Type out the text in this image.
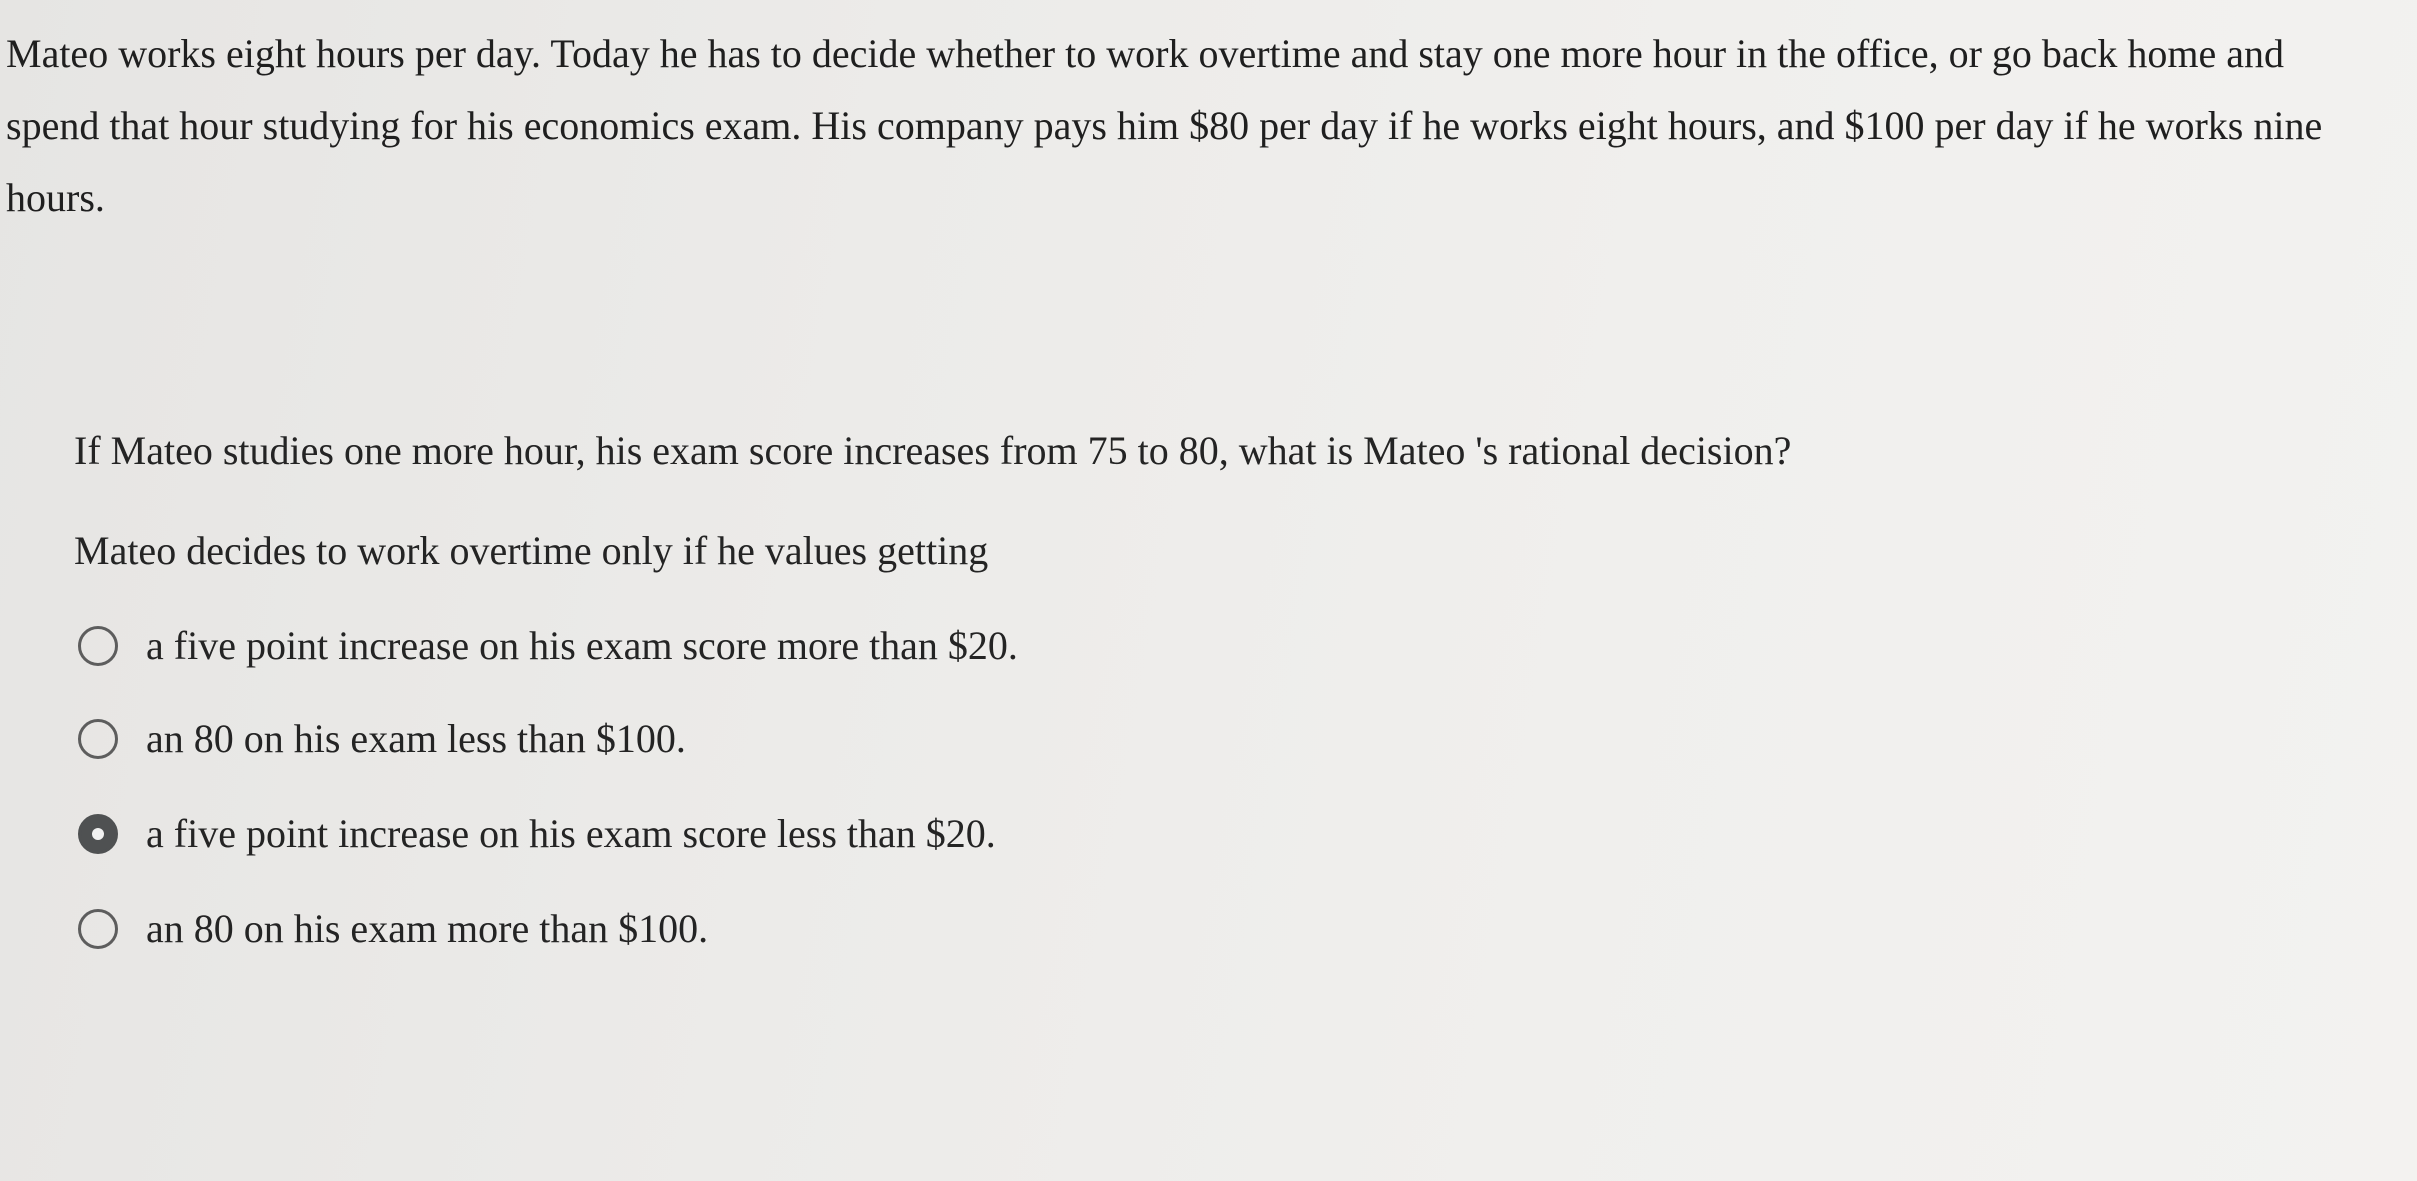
Mateo works eight hours per day. Today he has to decide whether to work overtime and stay one more hour in the office, or go back home and spend that hour studying for his economics exam. His company pays him $80 per day if he works eight hours, and $100 per day if he works nine hours.

If Mateo studies one more hour, his exam score increases from 75 to 80, what is Mateo 's rational decision?

Mateo decides to work overtime only if he values getting

a five point increase on his exam score more than $20.
an 80 on his exam less than $100.
a five point increase on his exam score less than $20.
an 80 on his exam more than $100.
